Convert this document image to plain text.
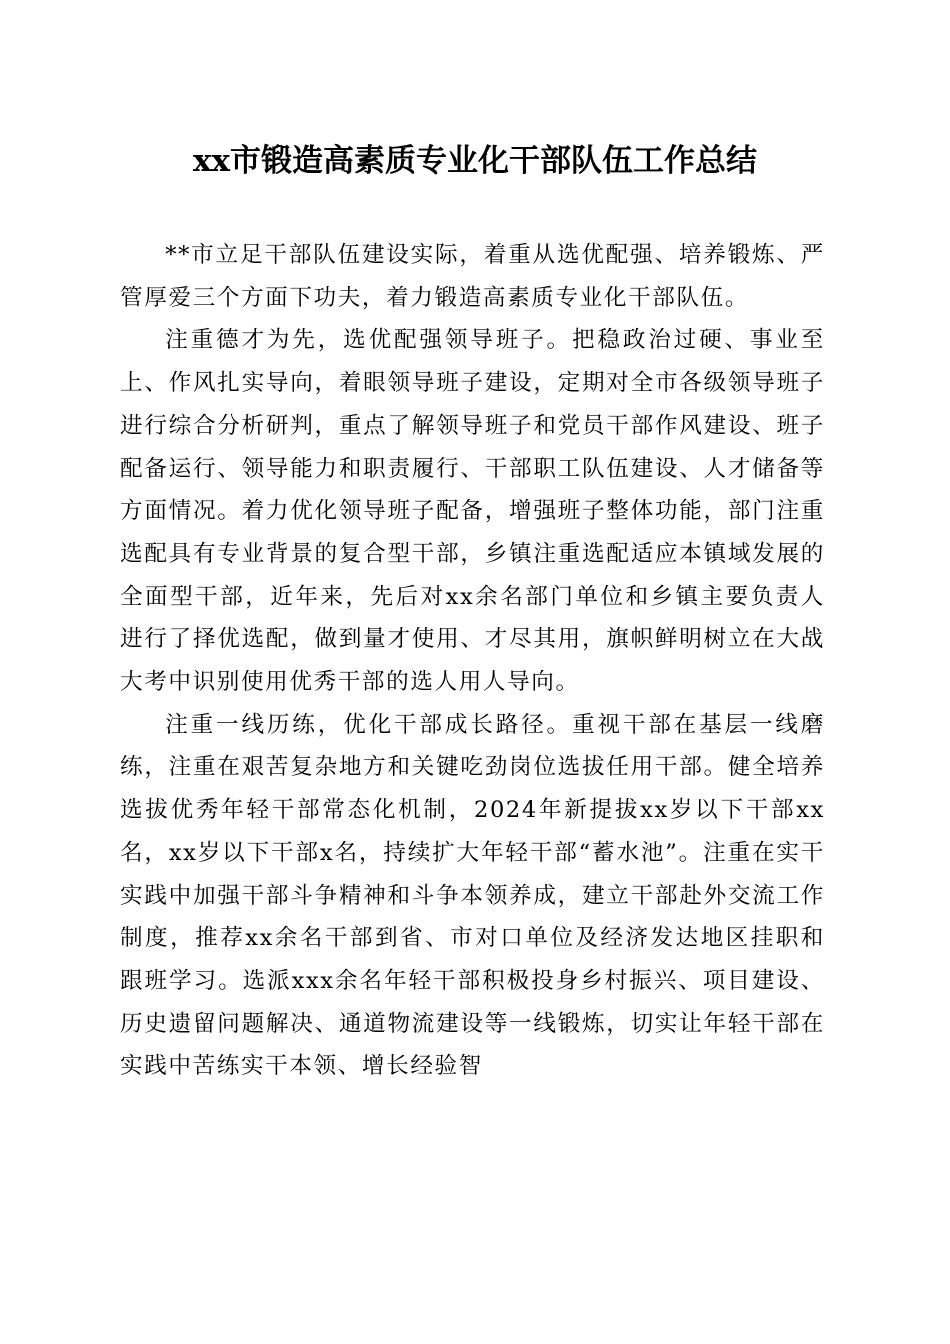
xx市锻造高素质专业化干部队伍工作总结

**市立足干部队伍建设实际，着重从选优配强、培养锻炼、严管厚爱三个方面下功夫，着力锻造高素质专业化干部队伍。

注重德才为先，选优配强领导班子。把稳政治过硬、事业至上、作风扎实导向，着眼领导班子建设，定期对全市各级领导班子进行综合分析研判，重点了解领导班子和党员干部作风建设、班子配备运行、领导能力和职责履行、干部职工队伍建设、人才储备等方面情况。着力优化领导班子配备，增强班子整体功能，部门注重选配具有专业背景的复合型干部，乡镇注重选配适应本镇域发展的全面型干部，近年来，先后对xx余名部门单位和乡镇主要负责人进行了择优选配，做到量才使用、才尽其用，旗帜鲜明树立在大战大考中识别使用优秀干部的选人用人导向。

注重一线历练，优化干部成长路径。重视干部在基层一线磨练，注重在艰苦复杂地方和关键吃劲岗位选拔任用干部。健全培养选拔优秀年轻干部常态化机制，2024年新提拔xx岁以下干部xx名，xx岁以下干部x名，持续扩大年轻干部“蓄水池”。注重在实干实践中加强干部斗争精神和斗争本领养成，建立干部赴外交流工作制度，推荐xx余名干部到省、市对口单位及经济发达地区挂职和跟班学习。选派xxx余名年轻干部积极投身乡村振兴、项目建设、历史遗留问题解决、通道物流建设等一线锻炼，切实让年轻干部在实践中苦练实干本领、增长经验智
